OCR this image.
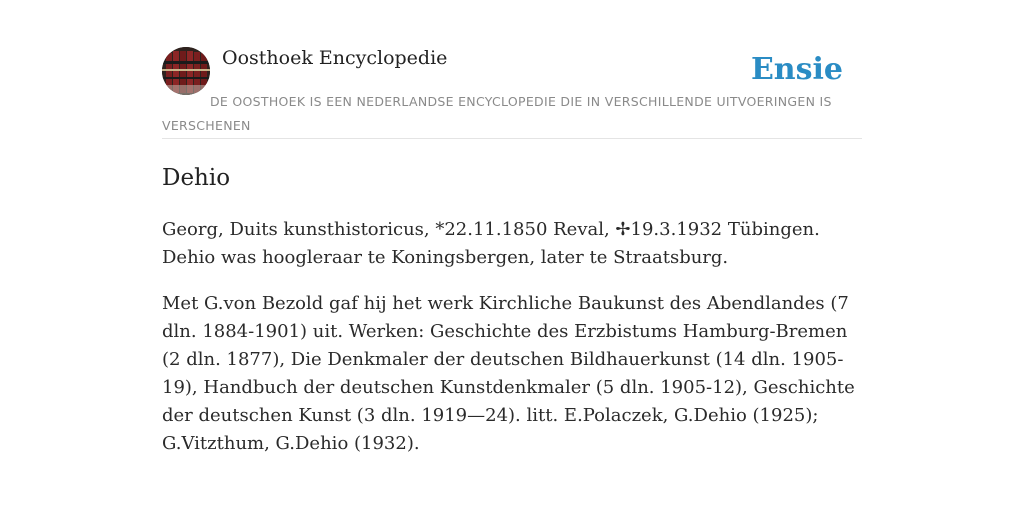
Oosthoek Encyclopedie	Ensie
DE OOSTHOEK IS EEN NEDERLANDSE ENCYCLOPEDIE DIE IN VERSCHILLENDE UITVOERINGEN IS VERSCHENEN
Dehio

Georg, Duits kunsthistoricus, *22.11.1850 Reval, ✢19.3.1932 Tübingen. Dehio was hoogleraar te Koningsbergen, later te Straatsburg.

Met G.von Bezold gaf hij het werk Kirchliche Baukunst des Abendlandes (7 dln. 1884-1901) uit. Werken: Geschichte des Erzbistums Hamburg-Bremen (2 dln. 1877), Die Denkmaler der deutschen Bildhauerkunst (14 dln. 1905-19), Handbuch der deutschen Kunstdenkmaler (5 dln. 1905-12), Geschichte der deutschen Kunst (3 dln. 1919—24). litt. E.Polaczek, G.Dehio (1925); G.Vitzthum, G.Dehio (1932).
